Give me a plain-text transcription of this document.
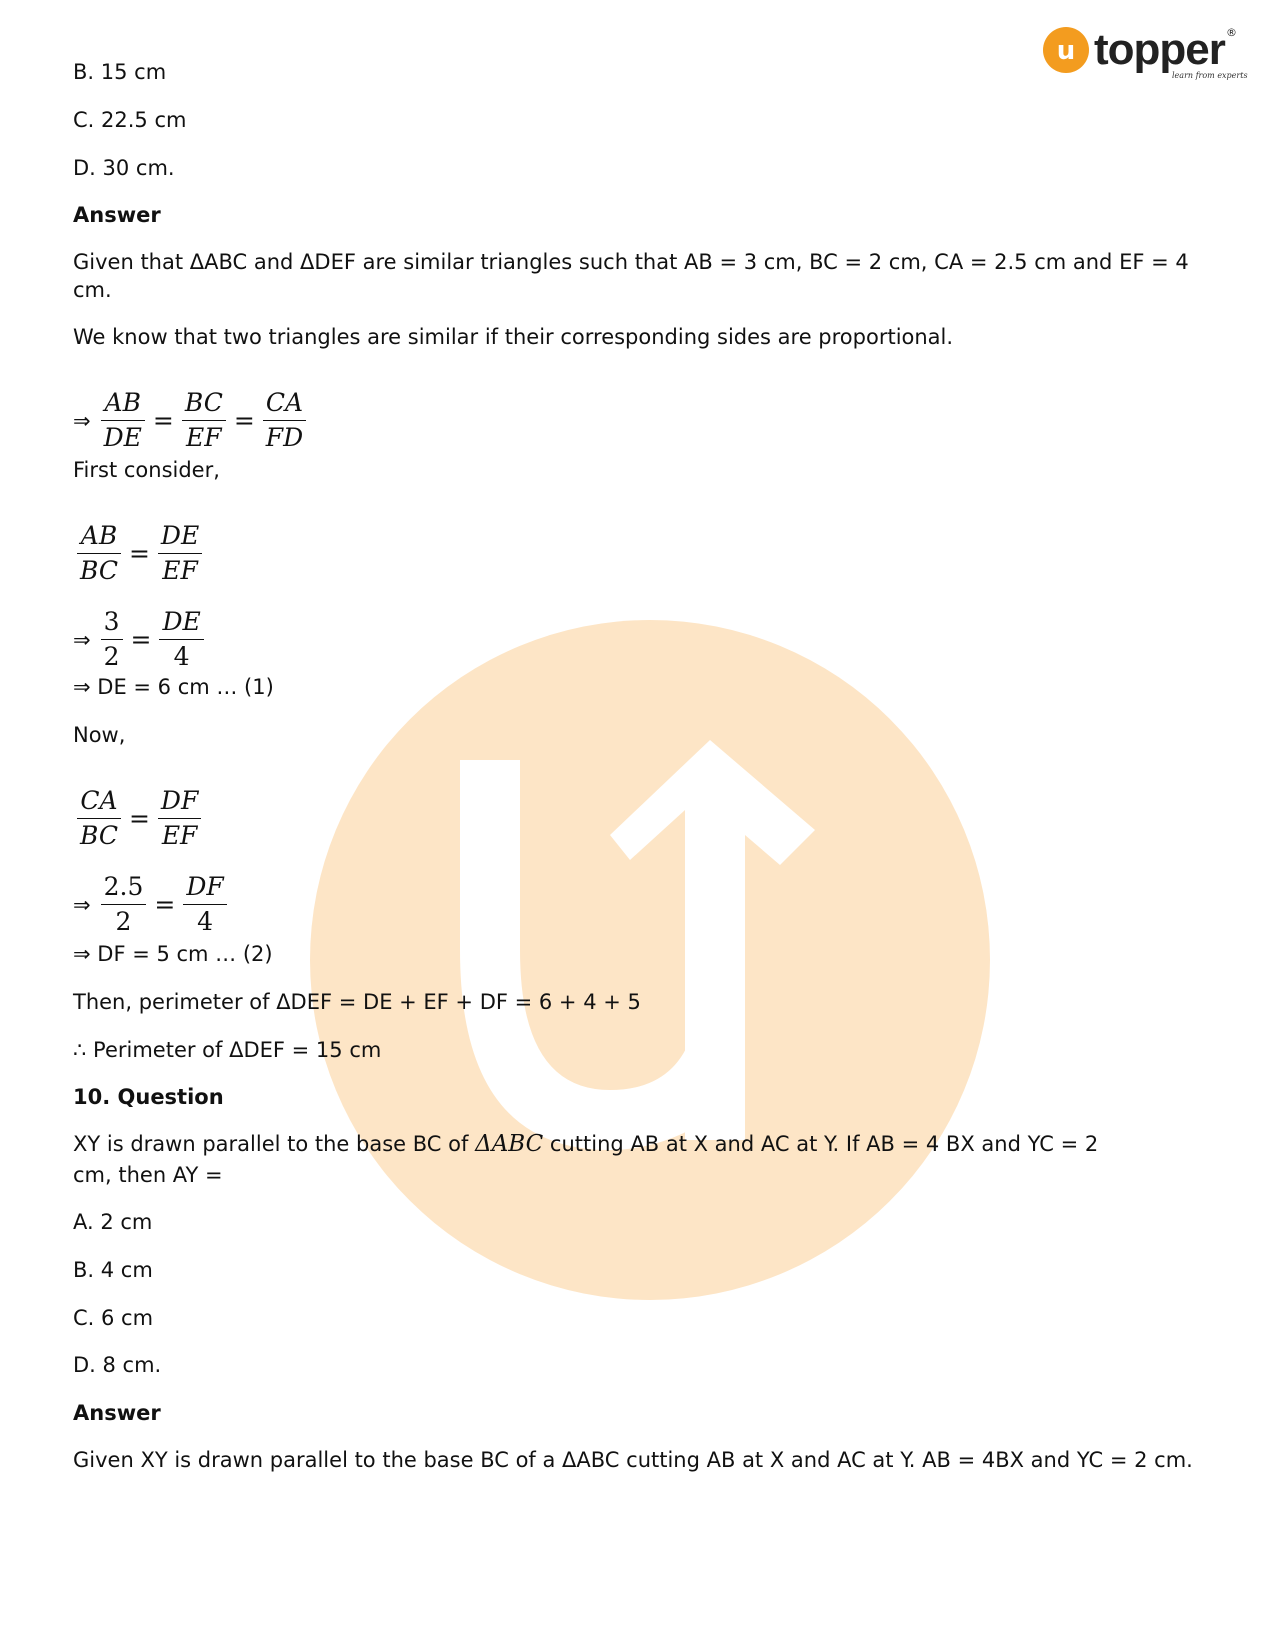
u topper ®
learn from experts
B. 15 cm
C. 22.5 cm
D. 30 cm.
Answer
Given that ΔABC and ΔDEF are similar triangles such that AB = 3 cm, BC = 2 cm, CA = 2.5 cm and EF = 4 cm.
We know that two triangles are similar if their corresponding sides are proportional.
⇒ $\frac{AB}{DE} = \frac{BC}{EF} = \frac{CA}{FD}$
First consider,
$\frac{AB}{BC} = \frac{DE}{EF}$
⇒ $\frac{3}{2} = \frac{DE}{4}$
⇒ DE = 6 cm … (1)
Now,
$\frac{CA}{BC} = \frac{DF}{EF}$
⇒ $\frac{2.5}{2} = \frac{DF}{4}$
⇒ DF = 5 cm … (2)
Then, perimeter of ΔDEF = DE + EF + DF = 6 + 4 + 5
∴ Perimeter of ΔDEF = 15 cm
10. Question
XY is drawn parallel to the base BC of ΔABC cutting AB at X and AC at Y. If AB = 4 BX and YC = 2
cm, then AY =
A. 2 cm
B. 4 cm
C. 6 cm
D. 8 cm.
Answer
Given XY is drawn parallel to the base BC of a ΔABC cutting AB at X and AC at Y. AB = 4BX and YC = 2 cm.
